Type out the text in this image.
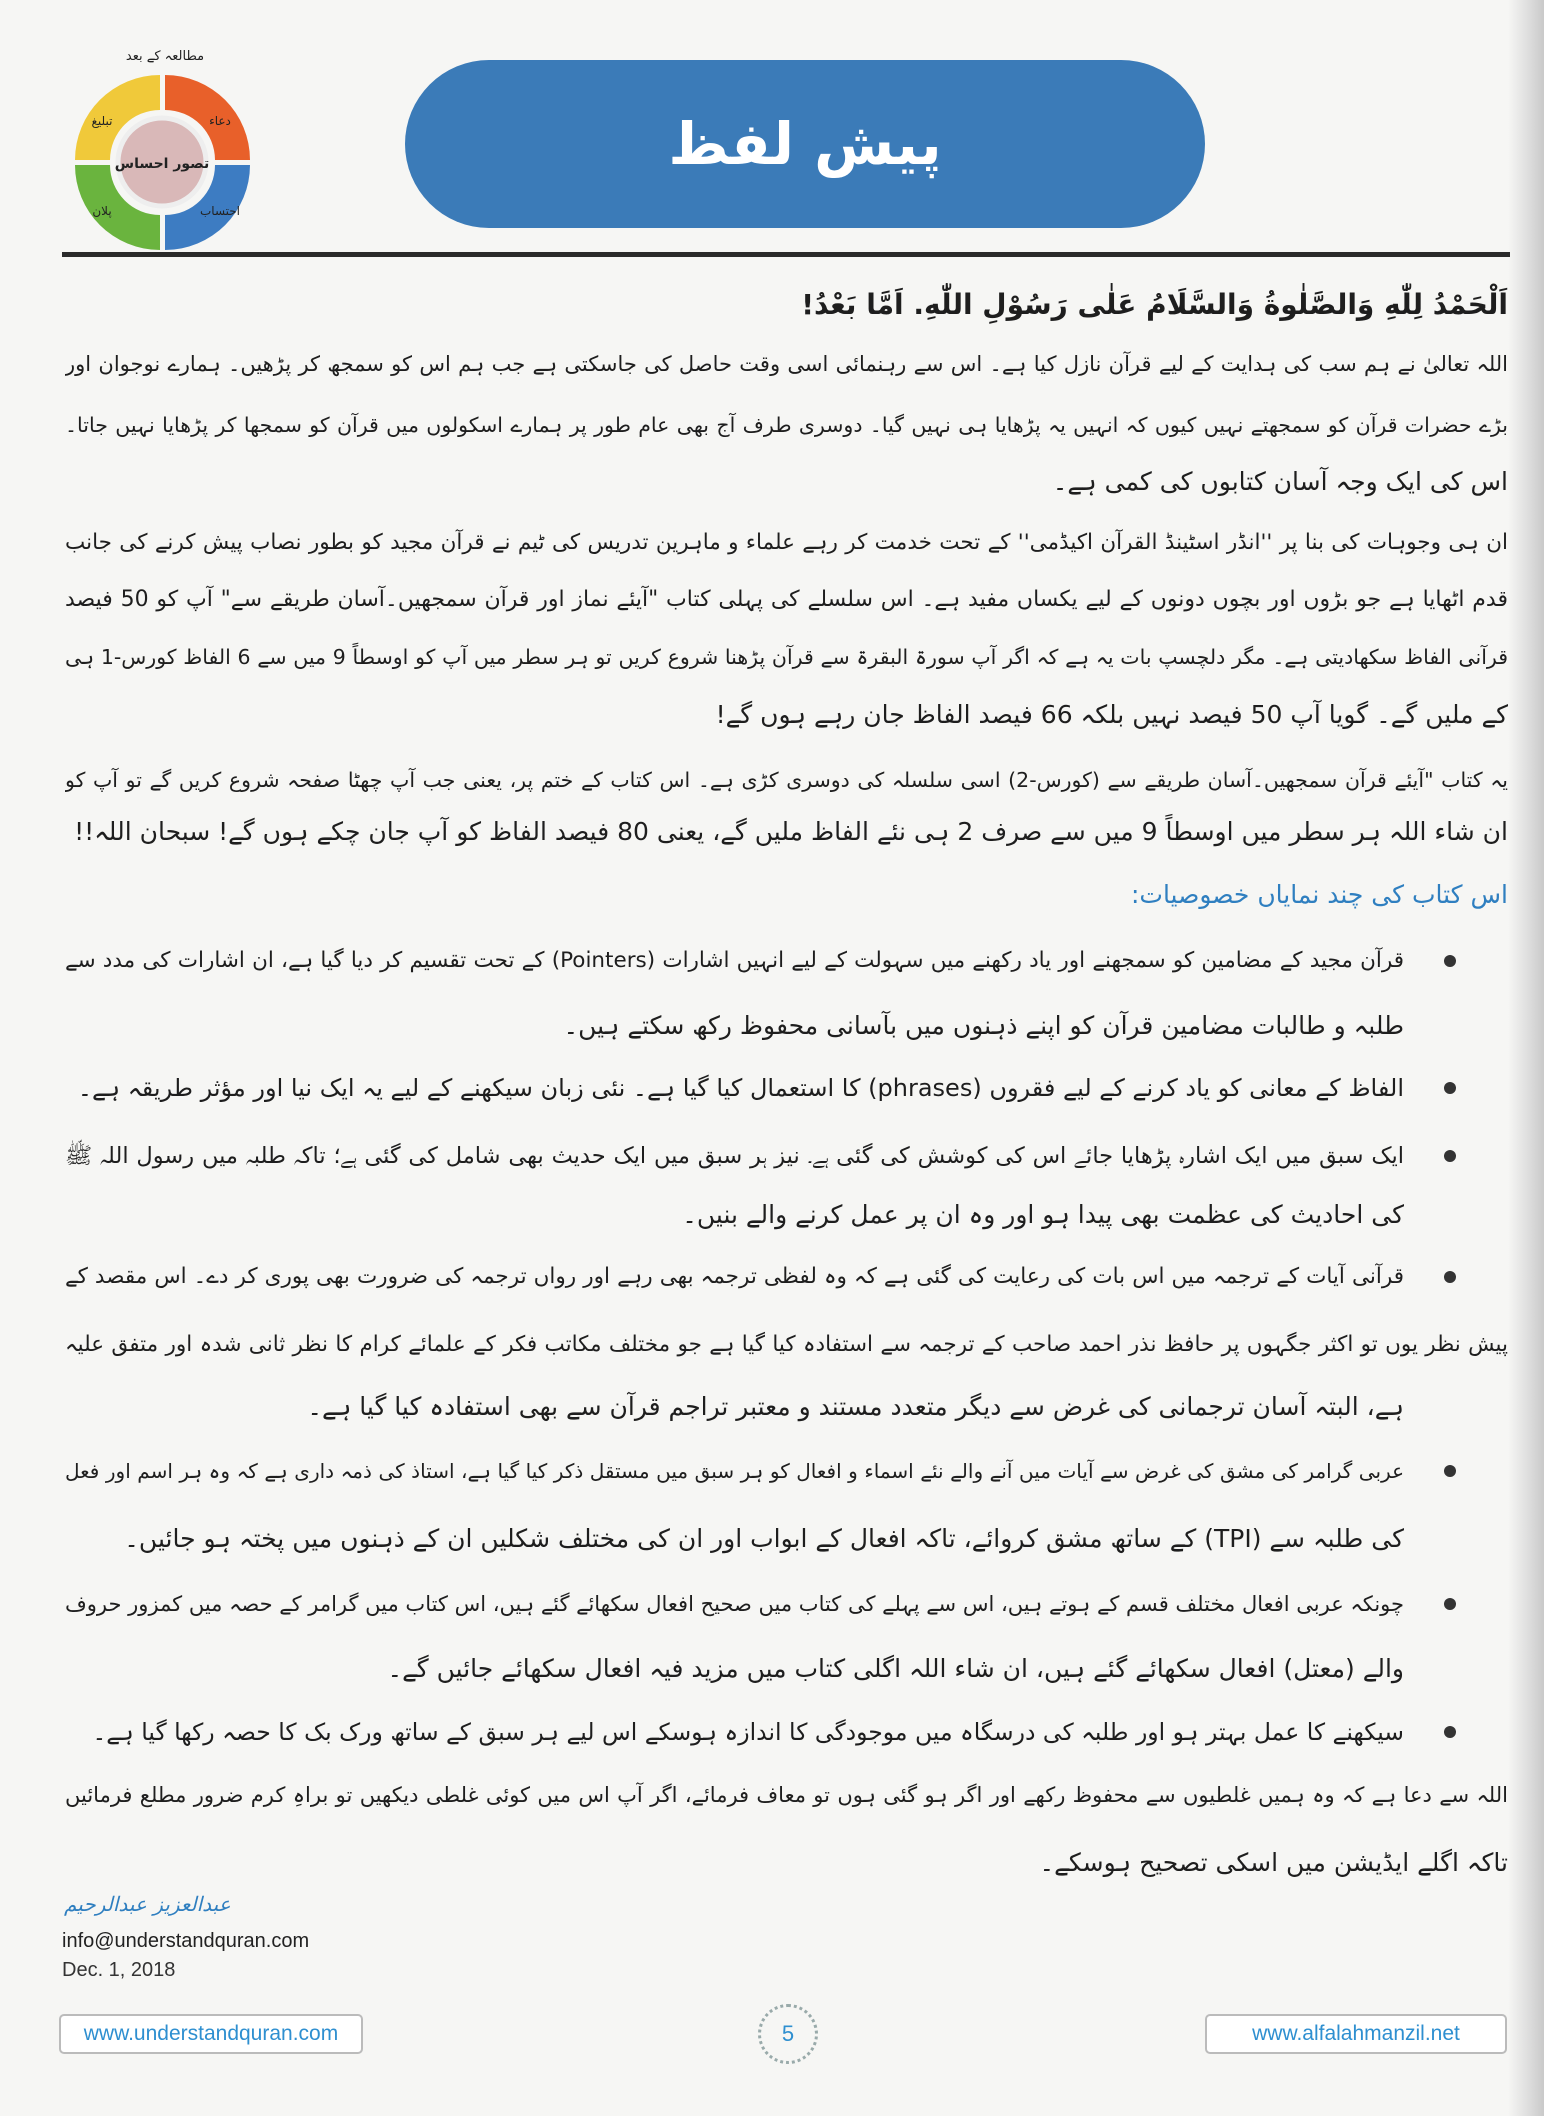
مطالعہ کے بعد
دعاء
تبلیغ
احتساب
پلان
تصور احساس	پیش لفظ
اَلْحَمْدُ لِلّٰهِ وَالصَّلٰوةُ وَالسَّلَامُ عَلٰى رَسُوْلِ اللّٰهِ. اَمَّا بَعْدُ!
اللہ تعالیٰ نے ہم سب کی ہدایت کے لیے قرآن نازل کیا ہے۔ اس سے رہنمائی اسی وقت حاصل کی جاسکتی ہے جب ہم اس کو سمجھ کر پڑھیں۔ ہمارے نوجوان اور
بڑے حضرات قرآن کو سمجھتے نہیں کیوں کہ انہیں یہ پڑھایا ہی نہیں گیا۔ دوسری طرف آج بھی عام طور پر ہمارے اسکولوں میں قرآن کو سمجھا کر پڑھایا نہیں جاتا۔
اس کی ایک وجہ آسان کتابوں کی کمی ہے۔
ان ہی وجوہات کی بنا پر ''انڈر اسٹینڈ القرآن اکیڈمی'' کے تحت خدمت کر رہے علماء و ماہرین تدریس کی ٹیم نے قرآن مجید کو بطور نصاب پیش کرنے کی جانب
قدم اٹھایا ہے جو بڑوں اور بچوں دونوں کے لیے یکساں مفید ہے۔ اس سلسلے کی پہلی کتاب "آیئے نماز اور قرآن سمجھیں۔آسان طریقے سے" آپ کو 50 فیصد
قرآنی الفاظ سکھادیتی ہے۔ مگر دلچسپ بات یہ ہے کہ اگر آپ سورۃ البقرۃ سے قرآن پڑھنا شروع کریں تو ہر سطر میں آپ کو اوسطاً 9 میں سے 6 الفاظ کورس-1 ہی
کے ملیں گے۔ گویا آپ 50 فیصد نہیں بلکہ 66 فیصد الفاظ جان رہے ہوں گے!
یہ کتاب "آیئے قرآن سمجھیں۔آسان طریقے سے (کورس-2) اسی سلسلہ کی دوسری کڑی ہے۔ اس کتاب کے ختم پر، یعنی جب آپ چھٹا صفحہ شروع کریں گے تو آپ کو
ان شاء اللہ ہر سطر میں اوسطاً 9 میں سے صرف 2 ہی نئے الفاظ ملیں گے، یعنی 80 فیصد الفاظ کو آپ جان چکے ہوں گے! سبحان اللہ!!
اس کتاب کی چند نمایاں خصوصیات:
قرآن مجید کے مضامین کو سمجھنے اور یاد رکھنے میں سہولت کے لیے انہیں اشارات (Pointers) کے تحت تقسیم کر دیا گیا ہے، ان اشارات کی مدد سے
طلبہ و طالبات مضامین قرآن کو اپنے ذہنوں میں بآسانی محفوظ رکھ سکتے ہیں۔
الفاظ کے معانی کو یاد کرنے کے لیے فقروں (phrases) کا استعمال کیا گیا ہے۔ نئی زبان سیکھنے کے لیے یہ ایک نیا اور مؤثر طریقہ ہے۔
ایک سبق میں ایک اشارہ پڑھایا جائے اس کی کوشش کی گئی ہے۔ نیز ہر سبق میں ایک حدیث بھی شامل کی گئی ہے؛ تاکہ طلبہ میں رسول اللہ ﷺ
کی احادیث کی عظمت بھی پیدا ہو اور وہ ان پر عمل کرنے والے بنیں۔
قرآنی آیات کے ترجمہ میں اس بات کی رعایت کی گئی ہے کہ وہ لفظی ترجمہ بھی رہے اور رواں ترجمہ کی ضرورت بھی پوری کر دے۔ اس مقصد کے
پیش نظر یوں تو اکثر جگہوں پر حافظ نذر احمد صاحب کے ترجمہ سے استفادہ کیا گیا ہے جو مختلف مکاتب فکر کے علمائے کرام کا نظر ثانی شدہ اور متفق علیہ
ہے، البتہ آسان ترجمانی کی غرض سے دیگر متعدد مستند و معتبر تراجم قرآن سے بھی استفادہ کیا گیا ہے۔
عربی گرامر کی مشق کی غرض سے آیات میں آنے والے نئے اسماء و افعال کو ہر سبق میں مستقل ذکر کیا گیا ہے، استاذ کی ذمہ داری ہے کہ وہ ہر اسم اور فعل
کی طلبہ سے (TPI) کے ساتھ مشق کروائے، تاکہ افعال کے ابواب اور ان کی مختلف شکلیں ان کے ذہنوں میں پختہ ہو جائیں۔
چونکہ عربی افعال مختلف قسم کے ہوتے ہیں، اس سے پہلے کی کتاب میں صحیح افعال سکھائے گئے ہیں، اس کتاب میں گرامر کے حصہ میں کمزور حروف
والے (معتل) افعال سکھائے گئے ہیں، ان شاء اللہ اگلی کتاب میں مزید فیہ افعال سکھائے جائیں گے۔
سیکھنے کا عمل بہتر ہو اور طلبہ کی درسگاہ میں موجودگی کا اندازہ ہوسکے اس لیے ہر سبق کے ساتھ ورک بک کا حصہ رکھا گیا ہے۔
اللہ سے دعا ہے کہ وہ ہمیں غلطیوں سے محفوظ رکھے اور اگر ہو گئی ہوں تو معاف فرمائے، اگر آپ اس میں کوئی غلطی دیکھیں تو براہِ کرم ضرور مطلع فرمائیں
تاکہ اگلے ایڈیشن میں اسکی تصحیح ہوسکے۔
عبدالعزیز عبدالرحیم
info@understandquran.com
Dec. 1, 2018
www.understandquran.com	5	www.alfalahmanzil.net
